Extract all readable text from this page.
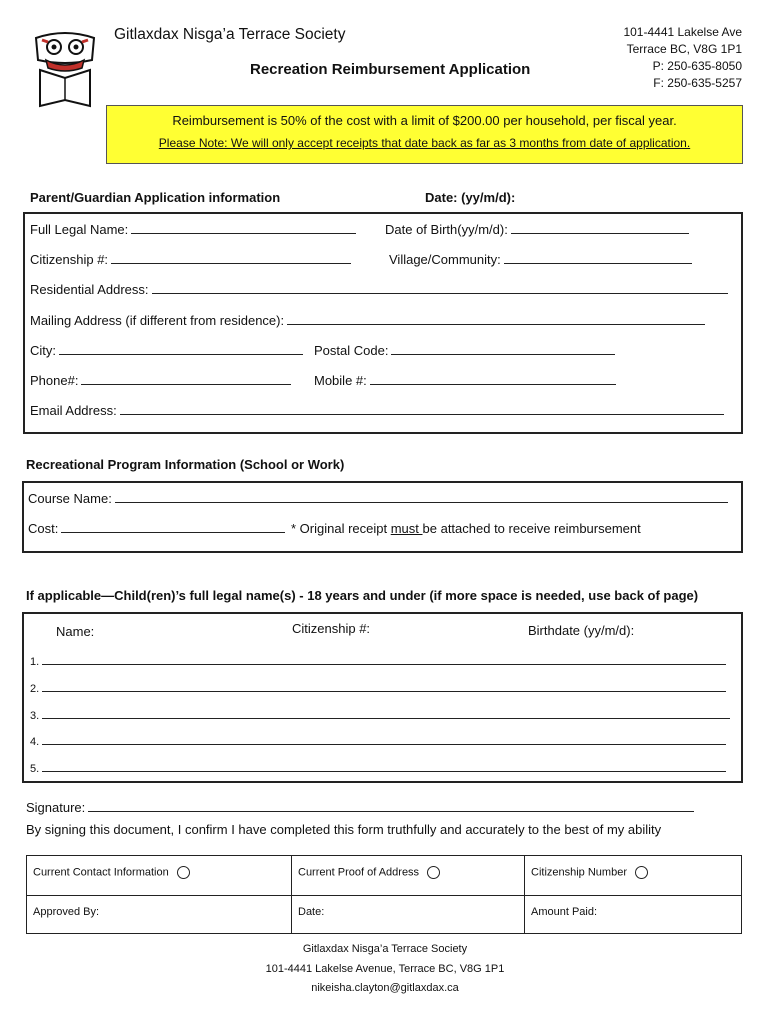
Gitlaxdax Nisga’a Terrace Society
Recreation Reimbursement Application
101-4441 Lakelse Ave
Terrace BC, V8G 1P1
P: 250-635-8050
F: 250-635-5257
Reimbursement is 50% of the cost with a limit of $200.00 per household, per fiscal year.
Please Note: We will only accept receipts that date back as far as 3 months from date of application.
Parent/Guardian Application information	Date: (yy/m/d):
Full Legal Name:	Date of Birth(yy/m/d):
Citizenship #:	Village/Community:
Residential Address:
Mailing Address (if different from residence):
City:	Postal Code:
Phone#:	Mobile #:
Email Address:
Recreational Program Information (School or Work)
Course Name:
Cost:	* Original receipt must be attached to receive reimbursement
If applicable—Child(ren)’s full legal name(s) - 18 years and under (if more space is needed, use back of page)
Name:	Citizenship #:	Birthdate (yy/m/d):
1.
2.
3.
4.
5.
Signature:
By signing this document, I confirm I have completed this form truthfully and accurately to the best of my ability
Current Contact Information	Current Proof of Address	Citizenship Number
Approved By:	Date:	Amount Paid:
Gitlaxdax Nisga’a Terrace Society
101-4441 Lakelse Avenue, Terrace BC, V8G 1P1
nikeisha.clayton@gitlaxdax.ca
